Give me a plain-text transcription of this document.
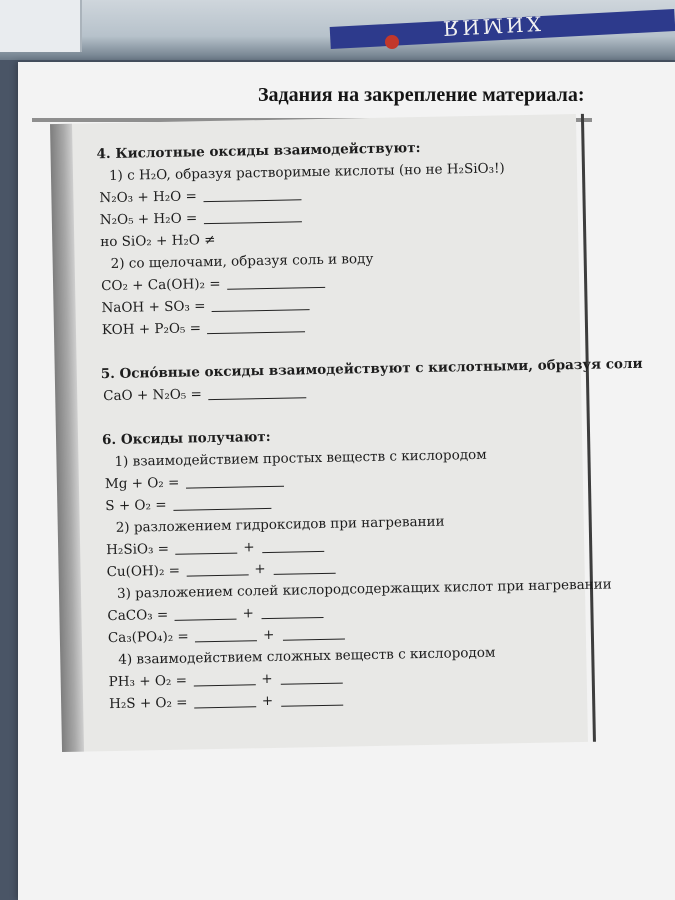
ХИМИЯ
Задания на закрепление материала:
4. Кислотные оксиды взаимодействуют:
1) с H₂O, образуя растворимые кислоты (но не H₂SiO₃!)
N₂O₃ + H₂O =
N₂O₅ + H₂O =
но SiO₂ + H₂O ≠
2) со щелочами, образуя соль и воду
CO₂ + Ca(OH)₂ =
NaOH + SO₃ =
KOH + P₂O₅ =
5. Осно́вные оксиды взаимодействуют с кислотными, образуя соли
CaO + N₂O₅ =
6. Оксиды получают:
1) взаимодействием простых веществ с кислородом
Mg + O₂ =
S + O₂ =
2) разложением гидроксидов при нагревании
H₂SiO₃ =	+
Cu(OH)₂ =	+
3) разложением солей кислородсодержащих кислот при нагревании
CaCO₃ =	+
Ca₃(PO₄)₂ =	+
4) взаимодействием сложных веществ с кислородом
PH₃ + O₂ =	+
H₂S + O₂ =	+
